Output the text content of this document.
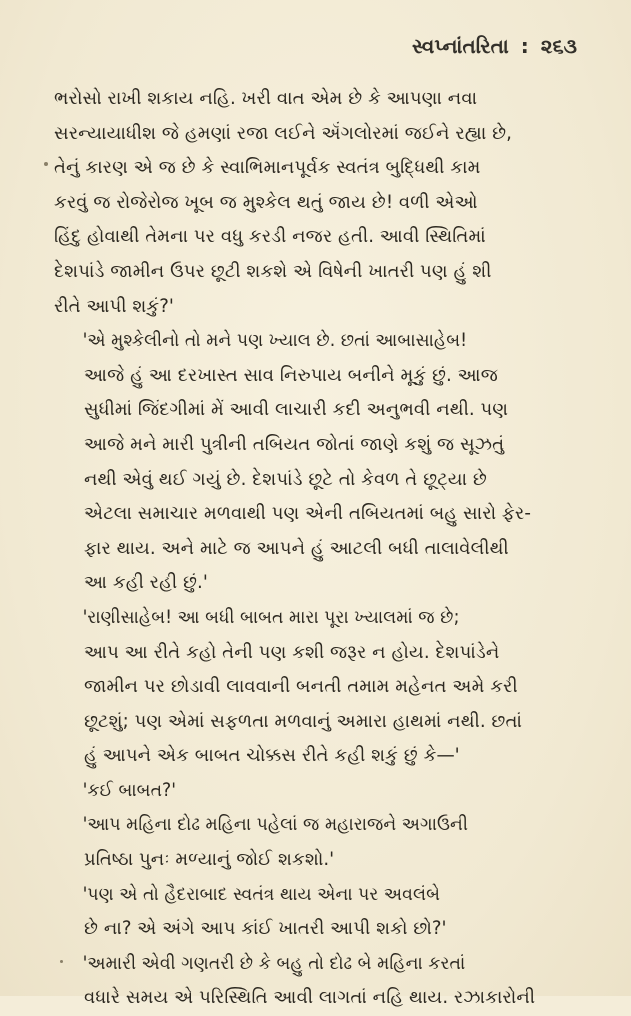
સ્વપ્નાંતરિતા : ૨૬૩

ભરોસો રાખી શકાય નહિ. ખરી વાત એમ છે કે આપણા નવા
સરન્યાયાધીશ જે હમણાં રજા લઈને ઍંગલોરમાં જઈને રહ્યા છે,
તેનું કારણ એ જ છે કે સ્વાભિમાનપૂર્વક સ્વતંત્ર બુદ્ધિથી કામ
કરવું જ રોજેરોજ ખૂબ જ મુશ્કેલ થતું જાય છે! વળી એઓ
હિંદુ હોવાથી તેમના પર વધુ કરડી નજર હતી. આવી સ્થિતિમાં
દેશપાંડે જામીન ઉપર છૂટી શકશે એ વિષેની ખાતરી પણ હું શી
રીતે આપી શકું?'

'એ મુશ્કેલીનો તો મને પણ ખ્યાલ છે. છતાં આબાસાહેબ!
આજે હું આ દરખાસ્ત સાવ નિરુપાય બનીને મૂકું છું. આજ
સુધીમાં જિંદગીમાં મેં આવી લાચારી કદી અનુભવી નથી. પણ
આજે મને મારી પુત્રીની તબિયત જોતાં જાણે કશું જ સૂઝતું
નથી એવું થઈ ગયું છે. દેશપાંડે છૂટે તો કેવળ તે છૂટ્યા છે
એટલા સમાચાર મળવાથી પણ એની તબિયતમાં બહુ સારો ફેર-
ફાર થાય. અને માટે જ આપને હું આટલી બધી તાલાવેલીથી
આ કહી રહી છું.'

'રાણીસાહેબ! આ બધી બાબત મારા પૂરા ખ્યાલમાં જ છે;
આપ આ રીતે કહો તેની પણ કશી જરૂર ન હોય. દેશપાંડેને
જામીન પર છોડાવી લાવવાની બનતી તમામ મહેનત અમે કરી
છૂટશું; પણ એમાં સફળતા મળવાનું અમારા હાથમાં નથી. છતાં
હું આપને એક બાબત ચોક્કસ રીતે કહી શકું છું કે—'

'કઈ બાબત?'

'આપ મહિના દોઢ મહિના પહેલાં જ મહારાજને અગાઉની
પ્રતિષ્ઠા પુનઃ મળ્યાનું જોઈ શકશો.'

'પણ એ તો હૈદરાબાદ સ્વતંત્ર થાય એના પર અવલંબે
છે ના? એ અંગે આપ કાંઈ ખાતરી આપી શકો છો?'

'અમારી એવી ગણતરી છે કે બહુ તો દોઢ બે મહિના કરતાં
વધારે સમય એ પરિસ્થિતિ આવી લાગતાં નહિ થાય. રઝાકારોની
